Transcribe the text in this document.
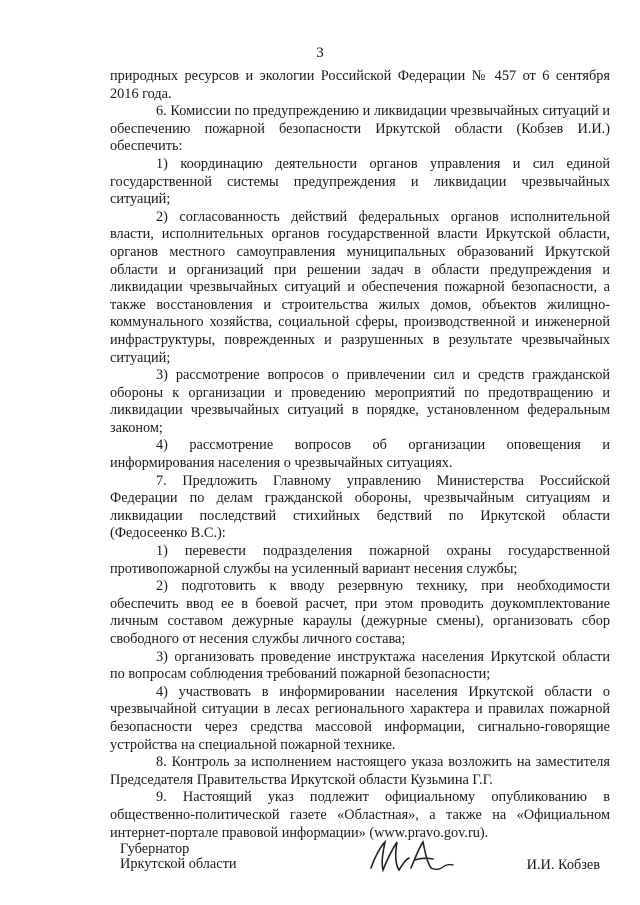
3

природных ресурсов и экологии Российской Федерации № 457 от 6 сентября 2016 года.

6. Комиссии по предупреждению и ликвидации чрезвычайных ситуаций и обеспечению пожарной безопасности Иркутской области (Кобзев И.И.) обеспечить:

1) координацию деятельности органов управления и сил единой государственной системы предупреждения и ликвидации чрезвычайных ситуаций;

2) согласованность действий федеральных органов исполнительной власти, исполнительных органов государственной власти Иркутской области, органов местного самоуправления муниципальных образований Иркутской области и организаций при решении задач в области предупреждения и ликвидации чрезвычайных ситуаций и обеспечения пожарной безопасности, а также восстановления и строительства жилых домов, объектов жилищно-коммунального хозяйства, социальной сферы, производственной и инженерной инфраструктуры, поврежденных и разрушенных в результате чрезвычайных ситуаций;

3) рассмотрение вопросов о привлечении сил и средств гражданской обороны к организации и проведению мероприятий по предотвращению и ликвидации чрезвычайных ситуаций в порядке, установленном федеральным законом;

4) рассмотрение вопросов об организации оповещения и информирования населения о чрезвычайных ситуациях.

7. Предложить Главному управлению Министерства Российской Федерации по делам гражданской обороны, чрезвычайным ситуациям и ликвидации последствий стихийных бедствий по Иркутской области (Федосеенко В.С.):

1) перевести подразделения пожарной охраны государственной противопожарной службы на усиленный вариант несения службы;

2) подготовить к вводу резервную технику, при необходимости обеспечить ввод ее в боевой расчет, при этом проводить доукомплектование личным составом дежурные караулы (дежурные смены), организовать сбор свободного от несения службы личного состава;

3) организовать проведение инструктажа населения Иркутской области по вопросам соблюдения требований пожарной безопасности;

4) участвовать в информировании населения Иркутской области о чрезвычайной ситуации в лесах регионального характера и правилах пожарной безопасности через средства массовой информации, сигнально-говорящие устройства на специальной пожарной технике.

8. Контроль за исполнением настоящего указа возложить на заместителя Председателя Правительства Иркутской области Кузьмина Г.Г.

9. Настоящий указ подлежит официальному опубликованию в общественно-политической газете «Областная», а также на «Официальном интернет-портале правовой информации» (www.pravo.gov.ru).

Губернатор
Иркутской области	И.И. Кобзев
